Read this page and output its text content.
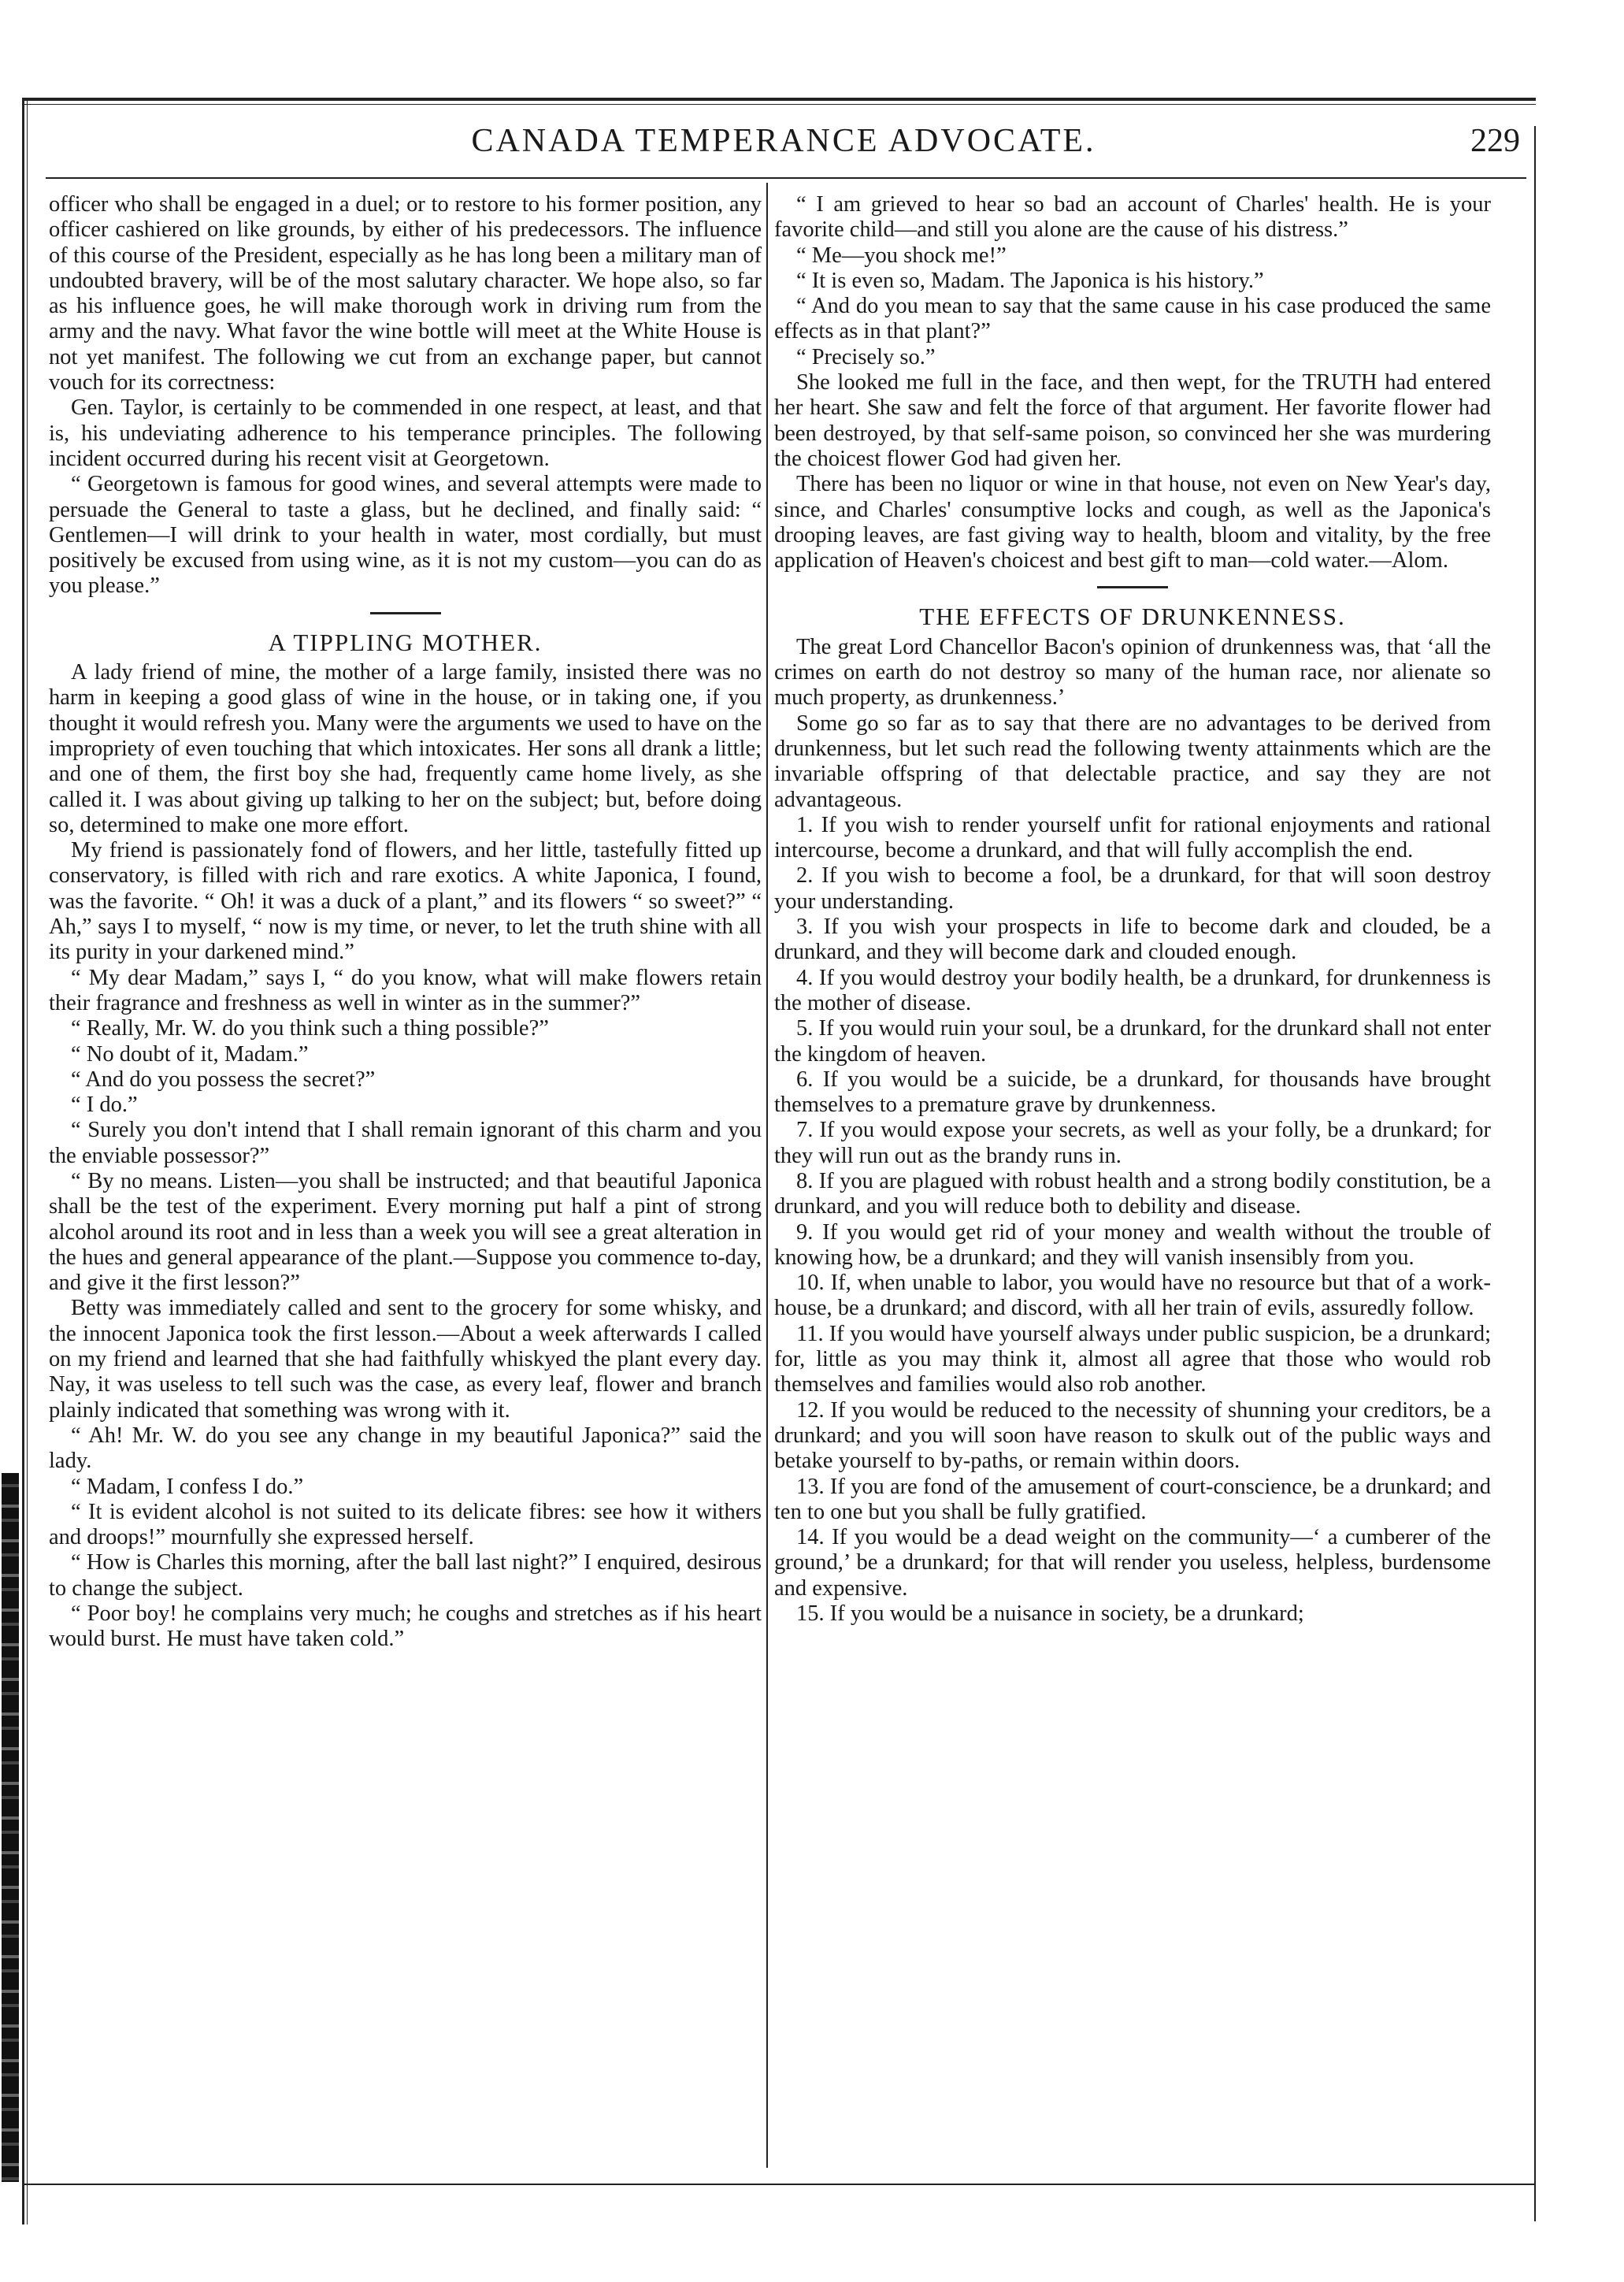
CANADA TEMPERANCE ADVOCATE.	229

officer who shall be engaged in a duel; or to restore to his former position, any officer cashiered on like grounds, by either of his predecessors. The influence of this course of the President, especially as he has long been a military man of undoubted bravery, will be of the most salutary character. We hope also, so far as his influence goes, he will make thorough work in driving rum from the army and the navy. What favor the wine bottle will meet at the White House is not yet manifest. The following we cut from an exchange paper, but cannot vouch for its correctness:

Gen. Taylor, is certainly to be commended in one respect, at least, and that is, his undeviating adherence to his temperance principles. The following incident occurred during his recent visit at Georgetown.

“ Georgetown is famous for good wines, and several attempts were made to persuade the General to taste a glass, but he declined, and finally said: “ Gentlemen—I will drink to your health in water, most cordially, but must positively be excused from using wine, as it is not my custom—you can do as you please.”

A TIPPLING MOTHER.

A lady friend of mine, the mother of a large family, insisted there was no harm in keeping a good glass of wine in the house, or in taking one, if you thought it would refresh you. Many were the arguments we used to have on the impropriety of even touching that which intoxicates. Her sons all drank a little; and one of them, the first boy she had, frequently came home lively, as she called it. I was about giving up talking to her on the subject; but, before doing so, determined to make one more effort.

My friend is passionately fond of flowers, and her little, tastefully fitted up conservatory, is filled with rich and rare exotics. A white Japonica, I found, was the favorite. “ Oh! it was a duck of a plant,” and its flowers “ so sweet?” “ Ah,” says I to myself, “ now is my time, or never, to let the truth shine with all its purity in your darkened mind.”

“ My dear Madam,” says I, “ do you know, what will make flowers retain their fragrance and freshness as well in winter as in the summer?”

“ Really, Mr. W. do you think such a thing possible?”

“ No doubt of it, Madam.”

“ And do you possess the secret?”

“ I do.”

“ Surely you don't intend that I shall remain ignorant of this charm and you the enviable possessor?”

“ By no means. Listen—you shall be instructed; and that beautiful Japonica shall be the test of the experiment. Every morning put half a pint of strong alcohol around its root and in less than a week you will see a great alteration in the hues and general appearance of the plant.—Suppose you commence to-day, and give it the first lesson?”

Betty was immediately called and sent to the grocery for some whisky, and the innocent Japonica took the first lesson.—About a week afterwards I called on my friend and learned that she had faithfully whiskyed the plant every day. Nay, it was useless to tell such was the case, as every leaf, flower and branch plainly indicated that something was wrong with it.

“ Ah! Mr. W. do you see any change in my beautiful Japonica?” said the lady.

“ Madam, I confess I do.”

“ It is evident alcohol is not suited to its delicate fibres: see how it withers and droops!” mournfully she expressed herself.

“ How is Charles this morning, after the ball last night?” I enquired, desirous to change the subject.

“ Poor boy! he complains very much; he coughs and stretches as if his heart would burst. He must have taken cold.”

“ I am grieved to hear so bad an account of Charles' health. He is your favorite child—and still you alone are the cause of his distress.”

“ Me—you shock me!”

“ It is even so, Madam. The Japonica is his history.”

“ And do you mean to say that the same cause in his case produced the same effects as in that plant?”

“ Precisely so.”

She looked me full in the face, and then wept, for the TRUTH had entered her heart. She saw and felt the force of that argument. Her favorite flower had been destroyed, by that self-same poison, so convinced her she was murdering the choicest flower God had given her.

There has been no liquor or wine in that house, not even on New Year's day, since, and Charles' consumptive locks and cough, as well as the Japonica's drooping leaves, are fast giving way to health, bloom and vitality, by the free application of Heaven's choicest and best gift to man—cold water.—Alom.

THE EFFECTS OF DRUNKENNESS.

The great Lord Chancellor Bacon's opinion of drunkenness was, that ‘all the crimes on earth do not destroy so many of the human race, nor alienate so much property, as drunkenness.’

Some go so far as to say that there are no advantages to be derived from drunkenness, but let such read the following twenty attainments which are the invariable offspring of that delectable practice, and say they are not advantageous.

1. If you wish to render yourself unfit for rational enjoyments and rational intercourse, become a drunkard, and that will fully accomplish the end.

2. If you wish to become a fool, be a drunkard, for that will soon destroy your understanding.

3. If you wish your prospects in life to become dark and clouded, be a drunkard, and they will become dark and clouded enough.

4. If you would destroy your bodily health, be a drunkard, for drunkenness is the mother of disease.

5. If you would ruin your soul, be a drunkard, for the drunkard shall not enter the kingdom of heaven.

6. If you would be a suicide, be a drunkard, for thousands have brought themselves to a premature grave by drunkenness.

7. If you would expose your secrets, as well as your folly, be a drunkard; for they will run out as the brandy runs in.

8. If you are plagued with robust health and a strong bodily constitution, be a drunkard, and you will reduce both to debility and disease.

9. If you would get rid of your money and wealth without the trouble of knowing how, be a drunkard; and they will vanish insensibly from you.

10. If, when unable to labor, you would have no resource but that of a work-house, be a drunkard; and discord, with all her train of evils, assuredly follow.

11. If you would have yourself always under public suspicion, be a drunkard; for, little as you may think it, almost all agree that those who would rob themselves and families would also rob another.

12. If you would be reduced to the necessity of shunning your creditors, be a drunkard; and you will soon have reason to skulk out of the public ways and betake yourself to by-paths, or remain within doors.

13. If you are fond of the amusement of court-conscience, be a drunkard; and ten to one but you shall be fully gratified.

14. If you would be a dead weight on the community—‘ a cumberer of the ground,’ be a drunkard; for that will render you useless, helpless, burdensome and expensive.

15. If you would be a nuisance in society, be a drunkard;
